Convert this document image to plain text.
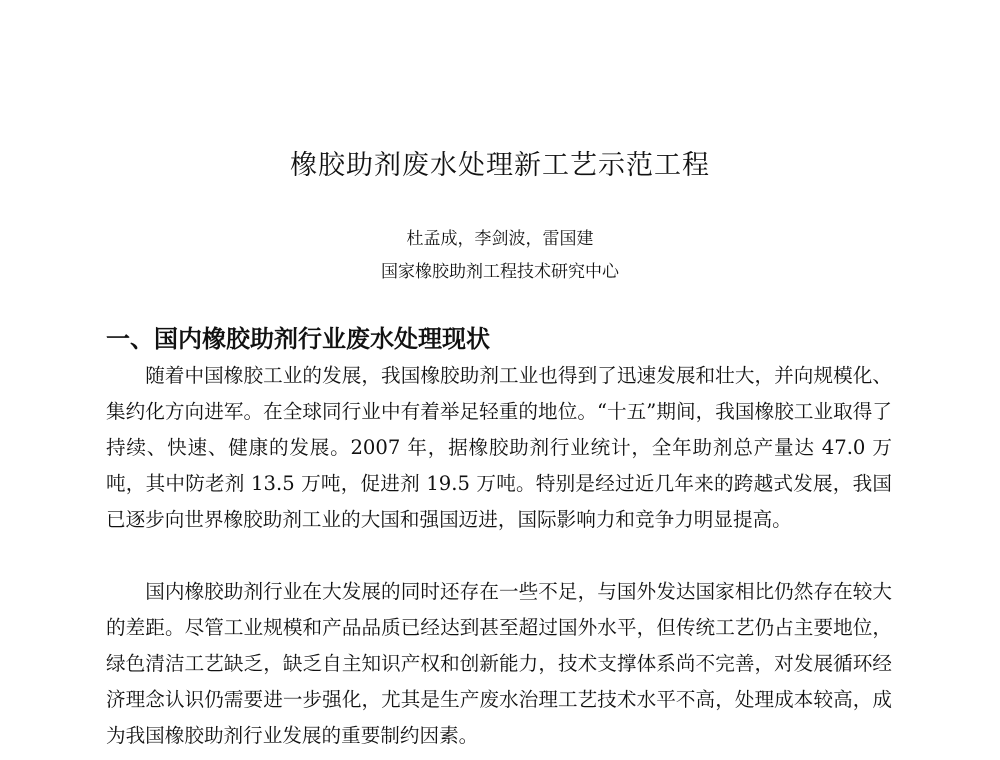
橡胶助剂废水处理新工艺示范工程
杜孟成，李剑波，雷国建
国家橡胶助剂工程技术研究中心
一、国内橡胶助剂行业废水处理现状

随着中国橡胶工业的发展，我国橡胶助剂工业也得到了迅速发展和壮大，并向规模化、集约化方向进军。在全球同行业中有着举足轻重的地位。“十五”期间，我国橡胶工业取得了持续、快速、健康的发展。2007 年，据橡胶助剂行业统计，全年助剂总产量达 47.0 万吨，其中防老剂 13.5 万吨，促进剂 19.5 万吨。特别是经过近几年来的跨越式发展，我国已逐步向世界橡胶助剂工业的大国和强国迈进，国际影响力和竞争力明显提高。

国内橡胶助剂行业在大发展的同时还存在一些不足，与国外发达国家相比仍然存在较大的差距。尽管工业规模和产品品质已经达到甚至超过国外水平，但传统工艺仍占主要地位，绿色清洁工艺缺乏，缺乏自主知识产权和创新能力，技术支撑体系尚不完善，对发展循环经济理念认识仍需要进一步强化，尤其是生产废水治理工艺技术水平不高，处理成本较高，成为我国橡胶助剂行业发展的重要制约因素。
